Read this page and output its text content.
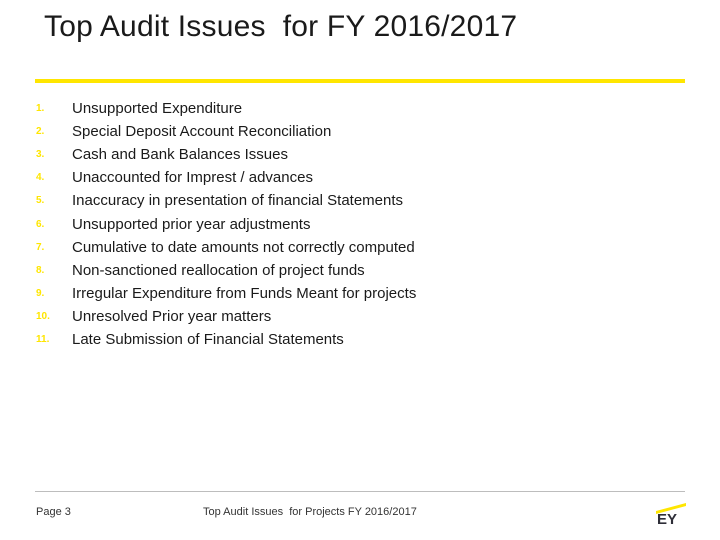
Top Audit Issues  for FY 2016/2017
1.	Unsupported Expenditure
2.	Special Deposit Account Reconciliation
3.	Cash and Bank Balances Issues
4.	Unaccounted for Imprest / advances
5.	Inaccuracy in presentation of financial Statements
6.	Unsupported prior year adjustments
7.	Cumulative to date amounts not correctly computed
8.	Non-sanctioned reallocation of project funds
9.	Irregular Expenditure from Funds Meant for projects
10.	Unresolved Prior year matters
11.	Late Submission of Financial Statements
Page 3	Top Audit Issues  for Projects FY 2016/2017	EY
